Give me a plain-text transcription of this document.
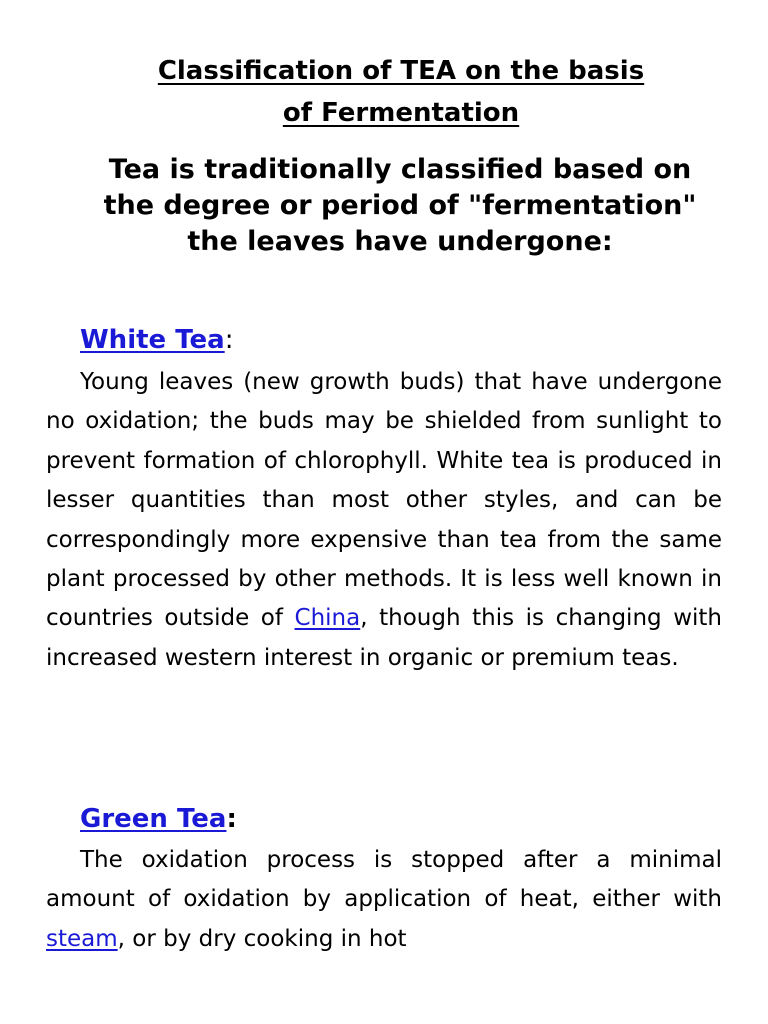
Classification of TEA on the basis
of Fermentation

Tea is traditionally classified based on the degree or period of "fermentation" the leaves have undergone:

White Tea:

Young leaves (new growth buds) that have undergone no oxidation; the buds may be shielded from sunlight to prevent formation of chlorophyll. White tea is produced in lesser quantities than most other styles, and can be correspondingly more expensive than tea from the same plant processed by other methods. It is less well known in countries outside of China, though this is changing with increased western interest in organic or premium teas.

Green Tea:

The oxidation process is stopped after a minimal amount of oxidation by application of heat, either with steam, or by dry cooking in hot
